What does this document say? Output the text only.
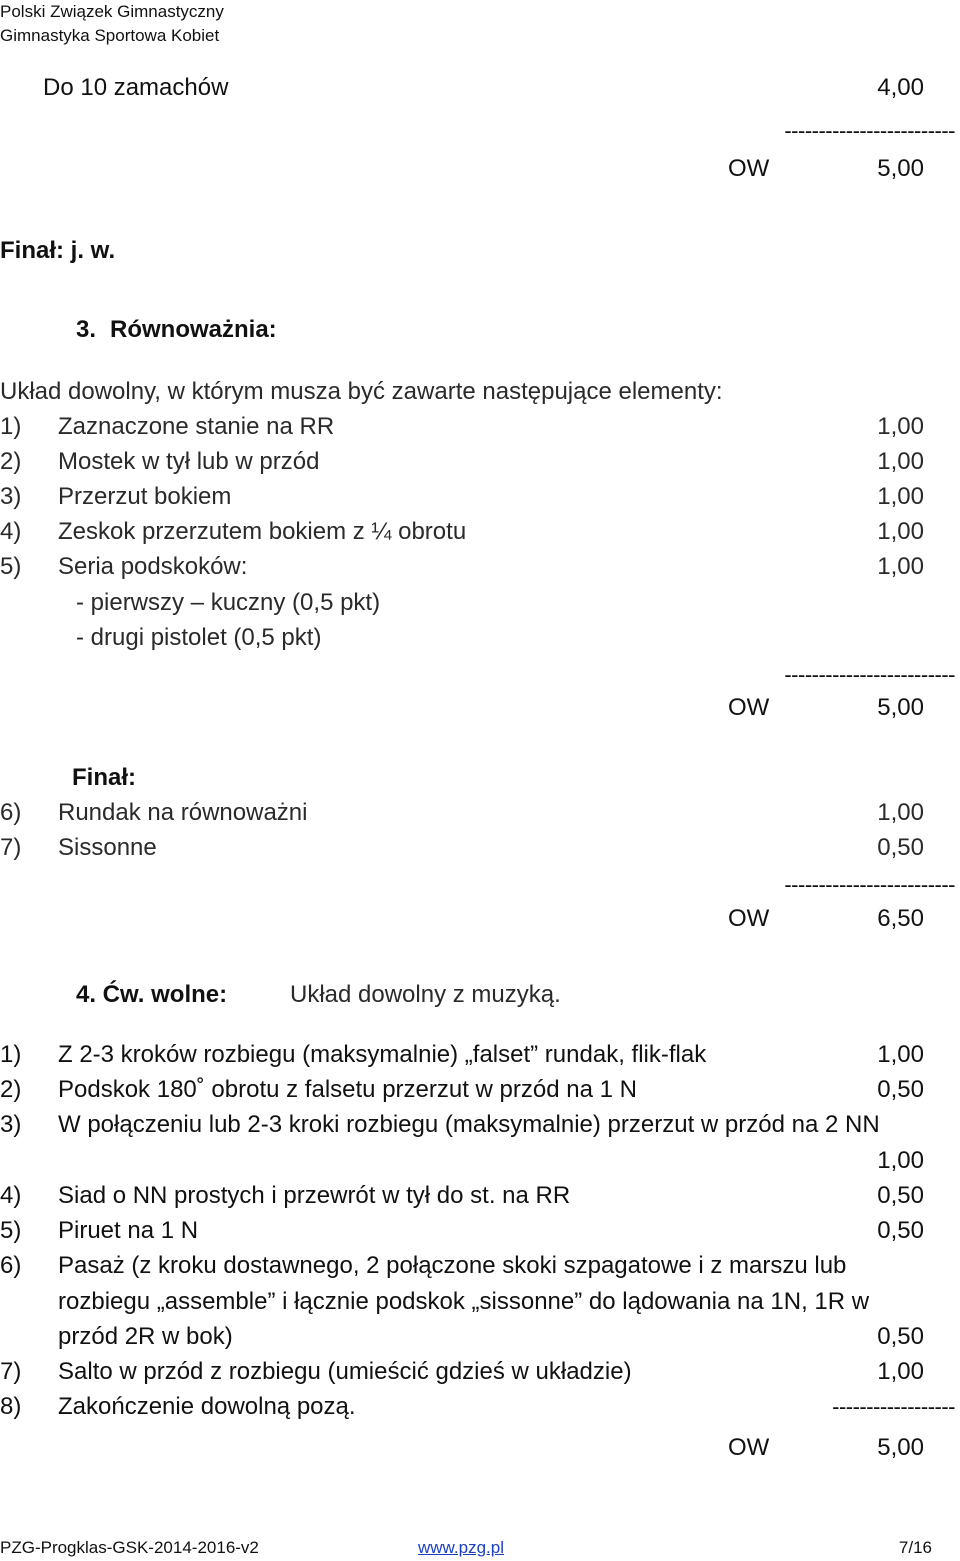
Polski Związek Gimnastyczny
Gimnastyka Sportowa Kobiet
Do 10 zamachów	4,00
-------------------------
OW	5,00
Finał: j. w.
3. Równoważnia:
Układ dowolny, w którym musza być zawarte następujące elementy:
1) Zaznaczone stanie na RR	1,00
2) Mostek w tył lub w przód	1,00
3) Przerzut bokiem	1,00
4) Zeskok przerzutem bokiem z ¼ obrotu	1,00
5) Seria podskoków:	1,00
- pierwszy – kuczny (0,5 pkt)
- drugi pistolet (0,5 pkt)
-------------------------
OW	5,00
Finał:
6) Rundak na równoważni	1,00
7) Sissonne	0,50
-------------------------
OW	6,50
4. Ćw. wolne:	Układ dowolny z muzyką.
1) Z 2-3 kroków rozbiegu (maksymalnie) „falset” rundak, flik-flak	1,00
2) Podskok 180˚ obrotu z falsetu przerzut w przód na 1 N	0,50
3) W połączeniu lub 2-3 kroki rozbiegu (maksymalnie) przerzut w przód na 2 NN
1,00
4) Siad o NN prostych i przewrót w tył do st. na RR	0,50
5) Piruet na 1 N	0,50
6) Pasaż (z kroku dostawnego, 2 połączone skoki szpagatowe i z marszu lub
rozbiegu „assemble” i łącznie podskok „sissonne” do lądowania na 1N, 1R w
przód 2R w bok)	0,50
7) Salto w przód z rozbiegu (umieścić gdzieś w układzie)	1,00
8) Zakończenie dowolną pozą.	------------------
OW	5,00
PZG-Progklas-GSK-2014-2016-v2	www.pzg.pl	7/16
